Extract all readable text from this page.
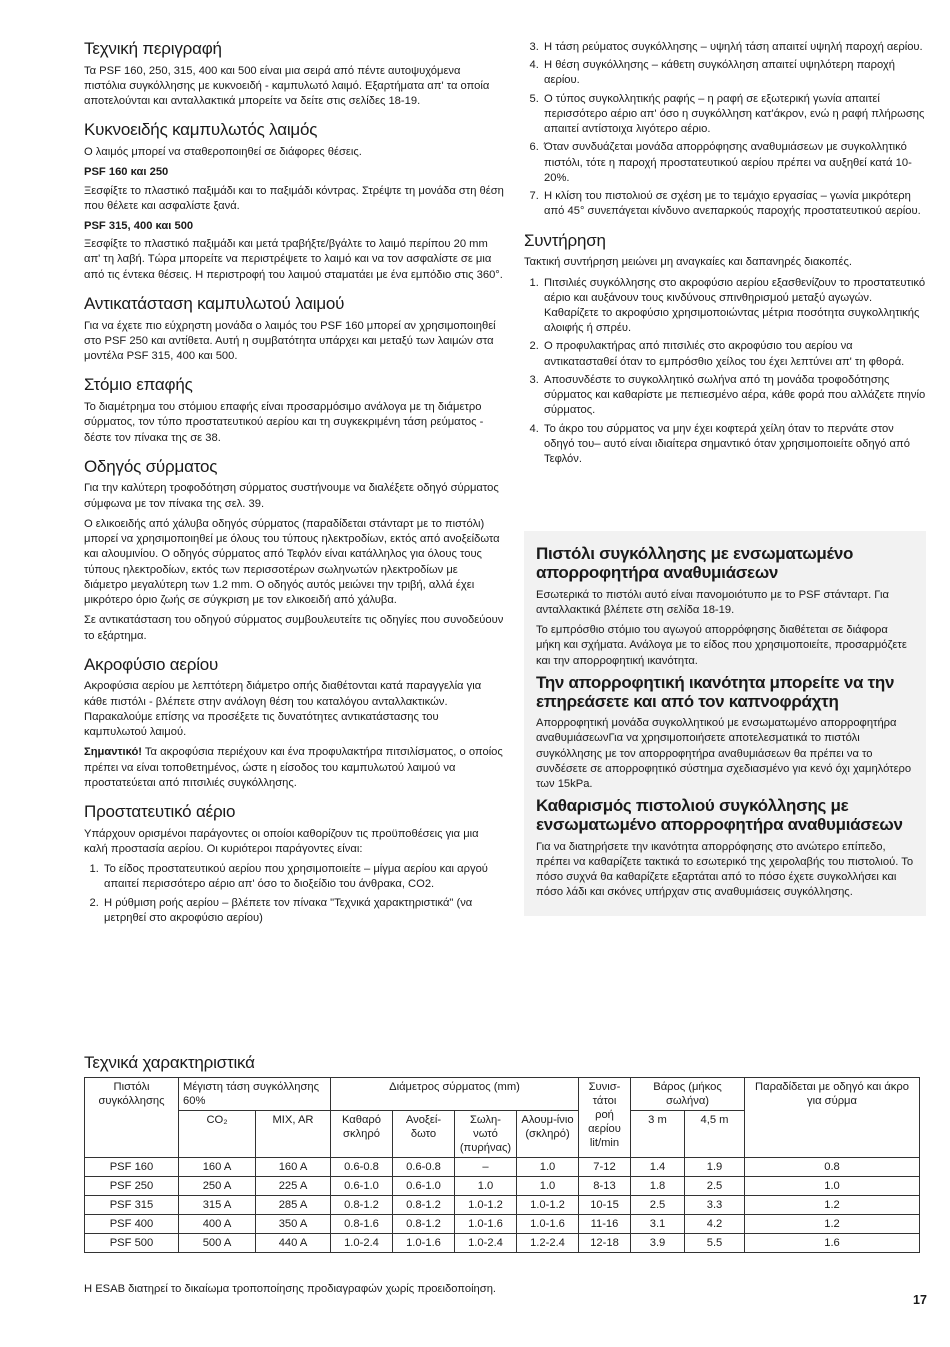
Τεχνική περιγραφή

Τα PSF 160, 250, 315, 400 και 500 είναι μια σειρά από πέντε αυτοψυχόμενα πιστόλια συγκόλλησης με κυκνοειδή - καμπυλωτό λαιμό. Εξαρτήματα απ' τα οποία αποτελούνται και ανταλλακτικά μπορείτε να δείτε στις σελίδες 18-19.

Κυκνοειδής καμπυλωτός λαιμός

Ο λαιμός μπορεί να σταθεροποιηθεί σε διάφορες θέσεις.

PSF 160 και 250

Ξεσφίξτε το πλαστικό παξιμάδι και το παξιμάδι κόντρας. Στρέψτε τη μονάδα στη θέση που θέλετε και ασφαλίστε ξανά.

PSF 315, 400 και 500

Ξεσφίξτε το πλαστικό παξιμάδι και μετά τραβήξτε/βγάλτε το λαιμό περίπου 20 mm απ' τη λαβή. Τώρα μπορείτε να περιστρέψετε το λαιμό και να τον ασφαλίστε σε μια από τις έντεκα θέσεις. Η περιστροφή του λαιμού σταματάει με ένα εμπόδιο στις 360°.

Αντικατάσταση καμπυλωτού λαιμού

Για να έχετε πιο εύχρηστη μονάδα ο λαιμός του PSF 160 μπορεί αν χρησιμοποιηθεί στο PSF 250 και αντίθετα. Αυτή η συμβατότητα υπάρχει και μεταξύ των λαιμών στα μοντέλα PSF 315, 400 και 500.

Στόμιο επαφής

Το διαμέτρημα του στόμιου επαφής είναι προσαρμόσιμο ανάλογα με τη διάμετρο σύρματος, τον τύπο προστατευτικού αερίου και τη συγκεκριμένη τάση ρεύματος - δέστε τον πίνακα της σε 38.

Οδηγός σύρματος

Για την καλύτερη τροφοδότηση σύρματος συστήνουμε να διαλέξετε οδηγό σύρματος σύμφωνα με τον πίνακα της σελ. 39.

Ο ελικοειδής από χάλυβα οδηγός σύρματος (παραδίδεται στάνταρτ με το πιστόλι) μπορεί να χρησιμοποιηθεί με όλους του τύπους ηλεκτροδίων, εκτός από ανοξείδωτα και αλουμινίου. Ο οδηγός σύρματος από Τεφλόν είναι κατάλληλος για όλους τους τύπους ηλεκτροδίων, εκτός των περισσοτέρων σωληνωτών ηλεκτροδίων με διάμετρο μεγαλύτερη των 1.2 mm. Ο οδηγός αυτός μειώνει την τριβή, αλλά έχει μικρότερο όριο ζωής σε σύγκριση με τον ελικοειδή από χάλυβα.

Σε αντικατάσταση του οδηγού σύρματος συμβουλευτείτε τις οδηγίες που συνοδεύουν το εξάρτημα.

Ακροφύσιο αερίου

Ακροφύσια αερίου με λεπτότερη διάμετρο οπής διαθέτονται κατά παραγγελία για κάθε πιστόλι - βλέπετε στην ανάλογη θέση του καταλόγου ανταλλακτικών. Παρακαλούμε επίσης να προσέξετε τις δυνατότητες αντικατάστασης του καμπυλωτού λαιμού.

Σημαντικό! Τα ακροφύσια περιέχουν και ένα προφυλακτήρα πιτσιλίσματος, ο οποίος πρέπει να είναι τοποθετημένος, ώστε η είσοδος του καμπυλωτού λαιμού να προστατεύεται από πιτσιλιές συγκόλλησης.

Προστατευτικό αέριο

Υπάρχουν ορισμένοι παράγοντες οι οποίοι καθορίζουν τις προϋποθέσεις για μια καλή προστασία αερίου. Οι κυριότεροι παράγοντες είναι:

1. Το είδος προστατευτικού αερίου που χρησιμοποιείτε – μίγμα αερίου και αργού απαιτεί περισσότερο αέριο απ' όσο το διοξείδιο του άνθρακα, CO2.
2. Η ρύθμιση ροής αερίου – βλέπετε τον πίνακα "Τεχνικά χαρακτηριστικά" (να μετρηθεί στο ακροφύσιο αερίου)
3. Η τάση ρεύματος συγκόλλησης – υψηλή τάση απαιτεί υψηλή παροχή αερίου.
4. Η θέση συγκόλλησης – κάθετη συγκόλληση απαιτεί υψηλότερη παροχή αερίου.
5. Ο τύπος συγκολλητικής ραφής – η ραφή σε εξωτερική γωνία απαιτεί περισσότερο αέριο απ' όσο η συγκόλληση κατ'άκρον, ενώ η ραφή πλήρωσης απαιτεί αντίστοιχα λιγότερο αέριο.
6. Όταν συνδυάζεται μονάδα απορρόφησης αναθυμιάσεων με συγκολλητικό πιστόλι, τότε η παροχή προστατευτικού αερίου πρέπει να αυξηθεί κατά 10-20%.
7. Η κλίση του πιστολιού σε σχέση με το τεμάχιο εργασίας – γωνία μικρότερη από 45° συνεπάγεται κίνδυνο ανεπαρκούς παροχής προστατευτικού αερίου.
Συντήρηση

Τακτική συντήρηση μειώνει μη αναγκαίες και δαπανηρές διακοπές.

1. Πιτσιλιές συγκόλλησης στο ακροφύσιο αερίου εξασθενίζουν το προστατευτικό αέριο και αυξάνουν τους κινδύνους σπινθηρισμού μεταξύ αγωγών. Καθαρίζετε το ακροφύσιο χρησιμοποιώντας μέτρια ποσότητα συγκολλητικής αλοιφής ή σπρέυ.
2. Ο προφυλακτήρας από πιτσιλιές στο ακροφύσιο του αερίου να αντικατασταθεί όταν το εμπρόσθιο χείλος του έχει λεπτύνει απ' τη φθορά.
3. Αποσυνδέστε το συγκολλητικό σωλήνα από τη μονάδα τροφοδότησης σύρματος και καθαρίστε με πεπιεσμένο αέρα, κάθε φορά που αλλάζετε πηνίο σύρματος.
4. Το άκρο του σύρματος να μην έχει κοφτερά χείλη όταν το περνάτε στον οδηγό του– αυτό είναι ιδιαίτερα σημαντικό όταν χρησιμοποιείτε οδηγό από Τεφλόν.
Πιστόλι συγκόλλησης με ενσωματωμένο απορροφητήρα αναθυμιάσεων

Εσωτερικά το πιστόλι αυτό είναι πανομοιότυπο με το PSF στάνταρτ. Για ανταλλακτικά βλέπετε στη σελίδα 18-19.

Το εμπρόσθιο στόμιο του αγωγού απορρόφησης διαθέτεται σε διάφορα μήκη και σχήματα. Ανάλογα με το είδος που χρησιμοποιείτε, προσαρμόζετε και την απορροφητική ικανότητα.

Την απορροφητική ικανότητα μπορείτε να την επηρεάσετε και από τον καπνοφράχτη

Απορροφητική μονάδα συγκολλητικού με ενσωματωμένο απορροφητήρα αναθυμιάσεωνΓια να χρησιμοποιήσετε αποτελεσματικά το πιστόλι συγκόλλησης με τον απορροφητήρα αναθυμιάσεων θα πρέπει να το συνδέσετε σε απορροφητικό σύστημα σχεδιασμένο για κενό όχι χαμηλότερο των 15kPa.

Καθαρισμός πιστολιού συγκόλλησης με ενσωματωμένο απορροφητήρα αναθυμιάσεων

Για να διατηρήσετε την ικανότητα απορρόφησης στο ανώτερο επίπεδο, πρέπει να καθαρίζετε τακτικά το εσωτερικό της χειρολαβής του πιστολιού. Το πόσο συχνά θα καθαρίζετε εξαρτάται από το πόσο έχετε συγκολλήσει και πόσο λάδι και σκόνες υπήρχαν στις αναθυμιάσεις συγκόλλησης.

Τεχνικά χαρακτηριστικά
Πιστόλι συγκόλλησης	Μέγιστη τάση συγκόλλησης 60%		Διάμετρος σύρματος (mm)				Συνισ-τάτοι ροή αερίου lit/min	Βάρος (μήκος σωλήνα)		Παραδίδεται με οδηγό και άκρο για σύρμα
	CO₂	MIX, AR	Καθαρό σκληρό	Ανοξεί-δωτο	Σωλη-νωτό (πυρήνας)	Αλουμ-ίνιο (σκληρό)		3 m	4,5 m	
PSF 160	160 A	160 A	0.6-0.8	0.6-0.8	–	1.0	7-12	1.4	1.9	0.8
PSF 250	250 A	225 A	0.6-1.0	0.6-1.0	1.0	1.0	8-13	1.8	2.5	1.0
PSF 315	315 A	285 A	0.8-1.2	0.8-1.2	1.0-1.2	1.0-1.2	10-15	2.5	3.3	1.2
PSF 400	400 A	350 A	0.8-1.6	0.8-1.2	1.0-1.6	1.0-1.6	11-16	3.1	4.2	1.2
PSF 500	500 A	440 A	1.0-2.4	1.0-1.6	1.0-2.4	1.2-2.4	12-18	3.9	5.5	1.6
Η ESAB διατηρεί το δικαίωμα τροποποίησης προδιαγραφών χωρίς προειδοποίηση.
17
